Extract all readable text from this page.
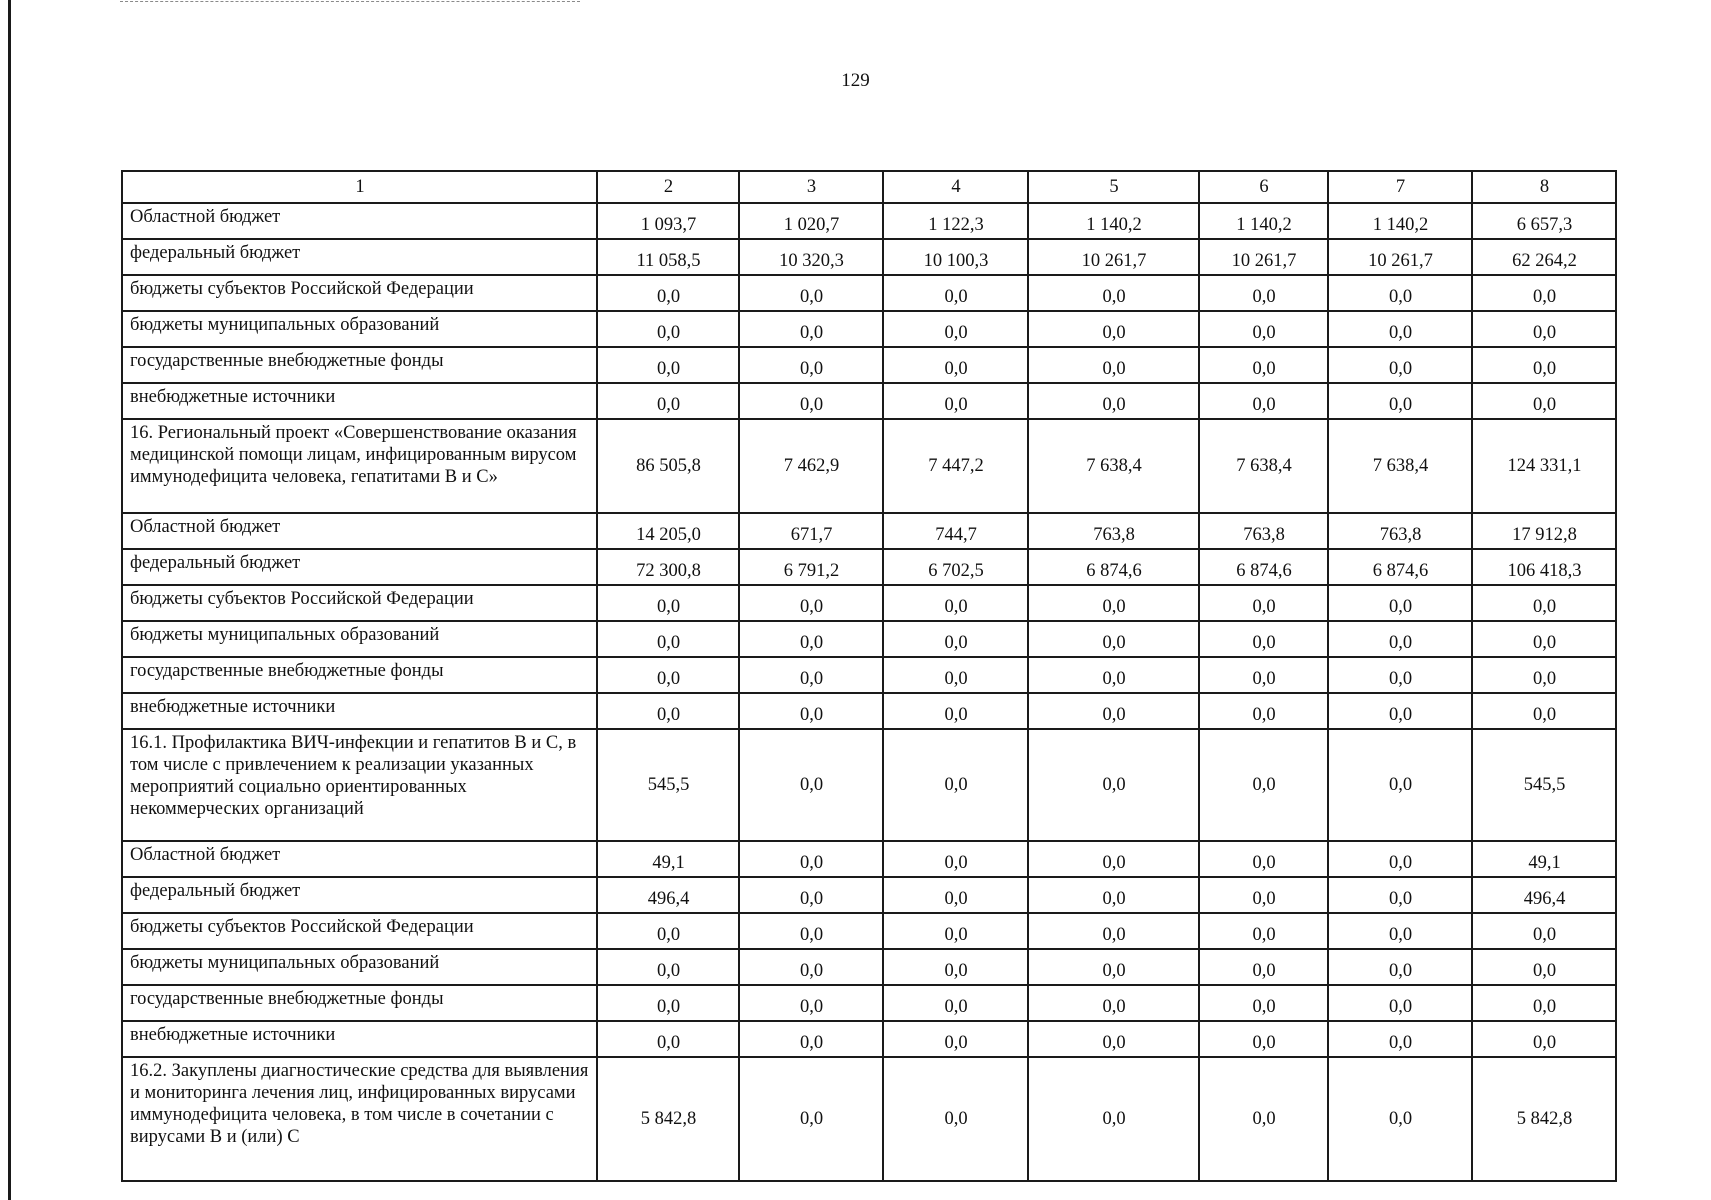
129
1	2	3	4	5	6	7	8
Областной бюджет	1 093,7	1 020,7	1 122,3	1 140,2	1 140,2	1 140,2	6 657,3
федеральный бюджет	11 058,5	10 320,3	10 100,3	10 261,7	10 261,7	10 261,7	62 264,2
бюджеты субъектов Российской Федерации	0,0	0,0	0,0	0,0	0,0	0,0	0,0
бюджеты муниципальных образований	0,0	0,0	0,0	0,0	0,0	0,0	0,0
государственные внебюджетные фонды	0,0	0,0	0,0	0,0	0,0	0,0	0,0
внебюджетные источники	0,0	0,0	0,0	0,0	0,0	0,0	0,0
16. Региональный проект «Совершенствование оказания медицинской помощи лицам, инфицированным вирусом иммунодефицита человека, гепатитами В и С»	86 505,8	7 462,9	7 447,2	7 638,4	7 638,4	7 638,4	124 331,1
Областной бюджет	14 205,0	671,7	744,7	763,8	763,8	763,8	17 912,8
федеральный бюджет	72 300,8	6 791,2	6 702,5	6 874,6	6 874,6	6 874,6	106 418,3
бюджеты субъектов Российской Федерации	0,0	0,0	0,0	0,0	0,0	0,0	0,0
бюджеты муниципальных образований	0,0	0,0	0,0	0,0	0,0	0,0	0,0
государственные внебюджетные фонды	0,0	0,0	0,0	0,0	0,0	0,0	0,0
внебюджетные источники	0,0	0,0	0,0	0,0	0,0	0,0	0,0
16.1. Профилактика ВИЧ-инфекции и гепатитов В и С, в том числе с привлечением к реализации указанных мероприятий социально ориентированных некоммерческих организаций	545,5	0,0	0,0	0,0	0,0	0,0	545,5
Областной бюджет	49,1	0,0	0,0	0,0	0,0	0,0	49,1
федеральный бюджет	496,4	0,0	0,0	0,0	0,0	0,0	496,4
бюджеты субъектов Российской Федерации	0,0	0,0	0,0	0,0	0,0	0,0	0,0
бюджеты муниципальных образований	0,0	0,0	0,0	0,0	0,0	0,0	0,0
государственные внебюджетные фонды	0,0	0,0	0,0	0,0	0,0	0,0	0,0
внебюджетные источники	0,0	0,0	0,0	0,0	0,0	0,0	0,0
16.2. Закуплены диагностические средства для выявления и мониторинга лечения лиц, инфицированных вирусами иммунодефицита человека, в том числе в сочетании с вирусами В и (или) С	5 842,8	0,0	0,0	0,0	0,0	0,0	5 842,8
